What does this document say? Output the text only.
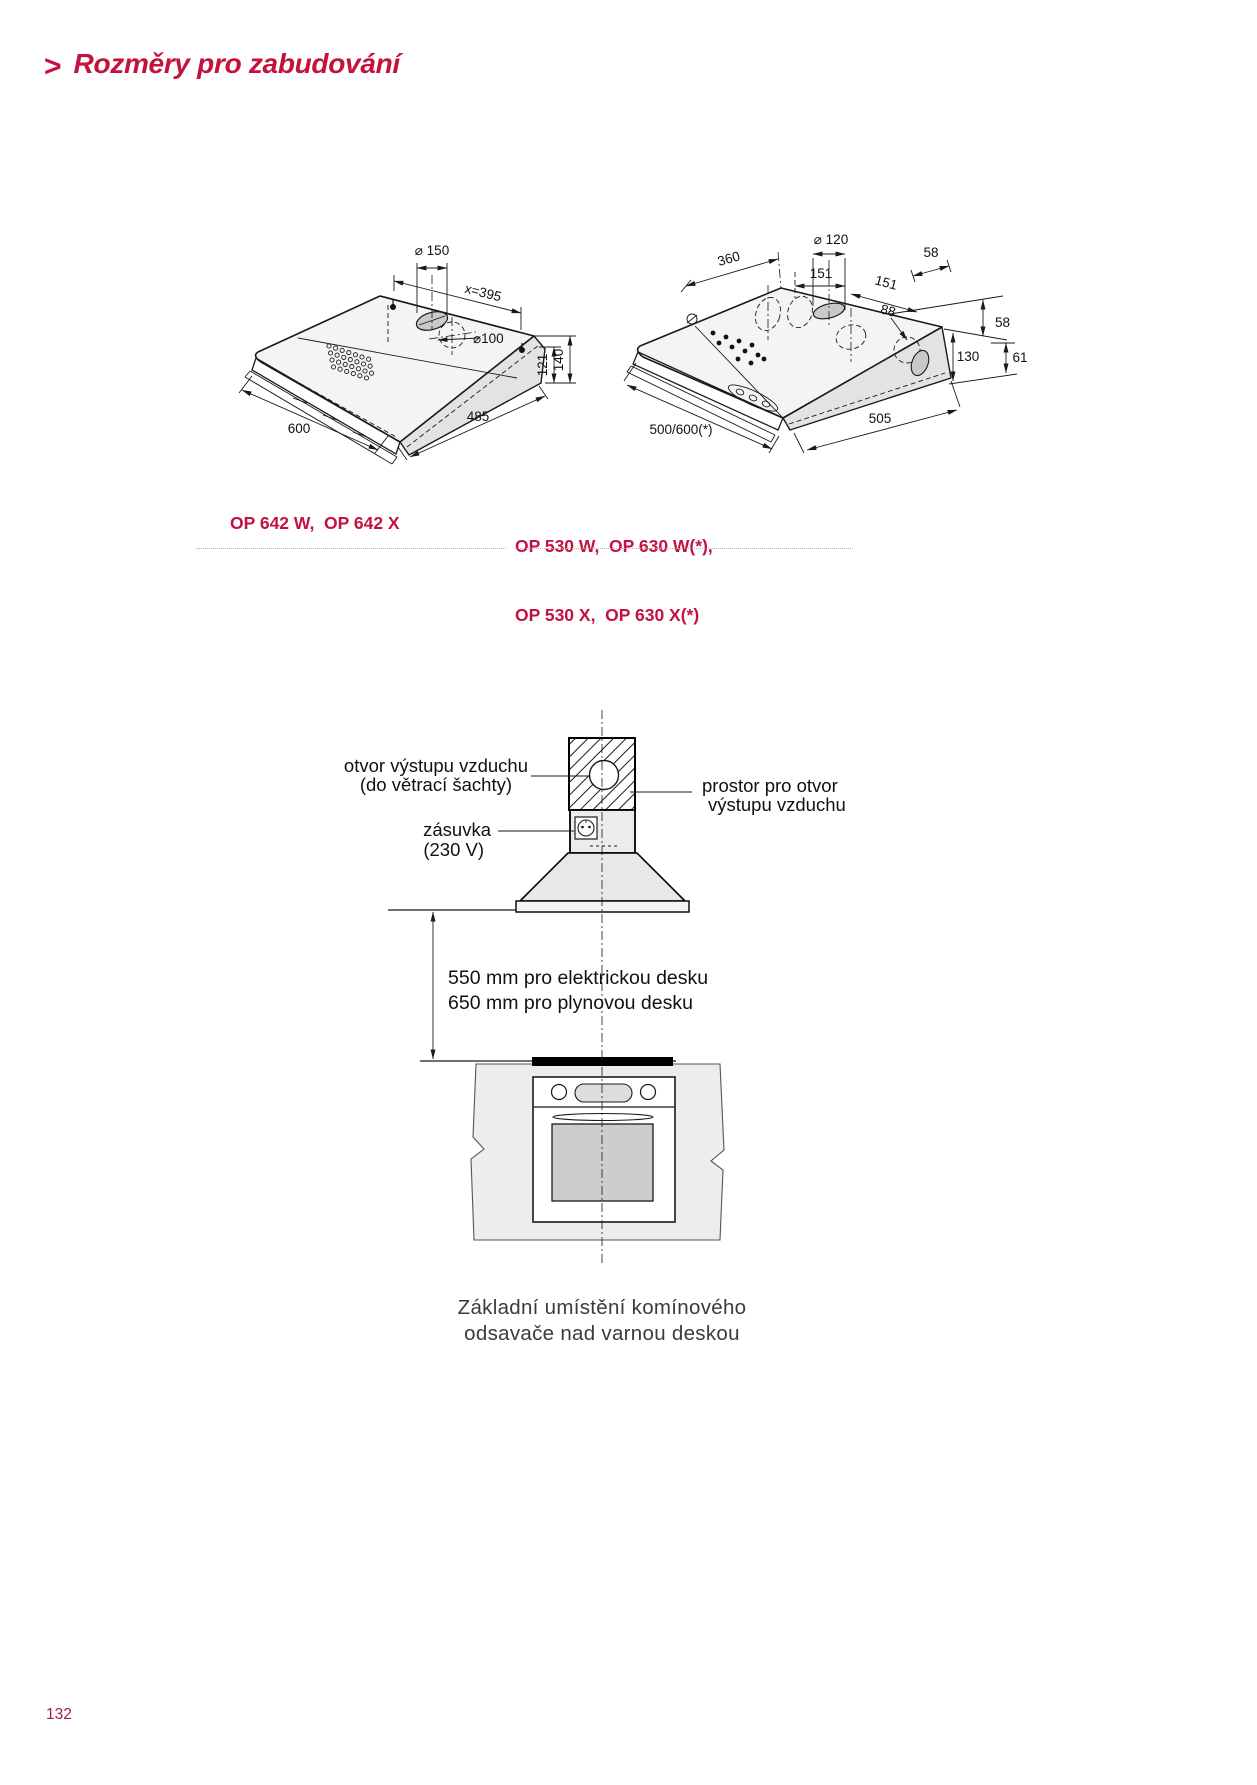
> Rozměry pro zabudování
⌀ 150
x=395
⌀100
121 140
600
485
360
⌀ 120
151	151
88
58
58
130 61
500/600(*)
505
OP 642 W,  OP 642 X

OP 530 W,  OP 630 W(*),

OP 530 X,  OP 630 X(*)

550 mm pro elektrickou desku
650 mm pro plynovou desku
otvor výstupu vzduchu
(do větrací šachty)	prostor pro otvor
výstupu vzduchu
zásuvka
(230 V)
Základní umístění komínového
odsavače nad varnou deskou
132
